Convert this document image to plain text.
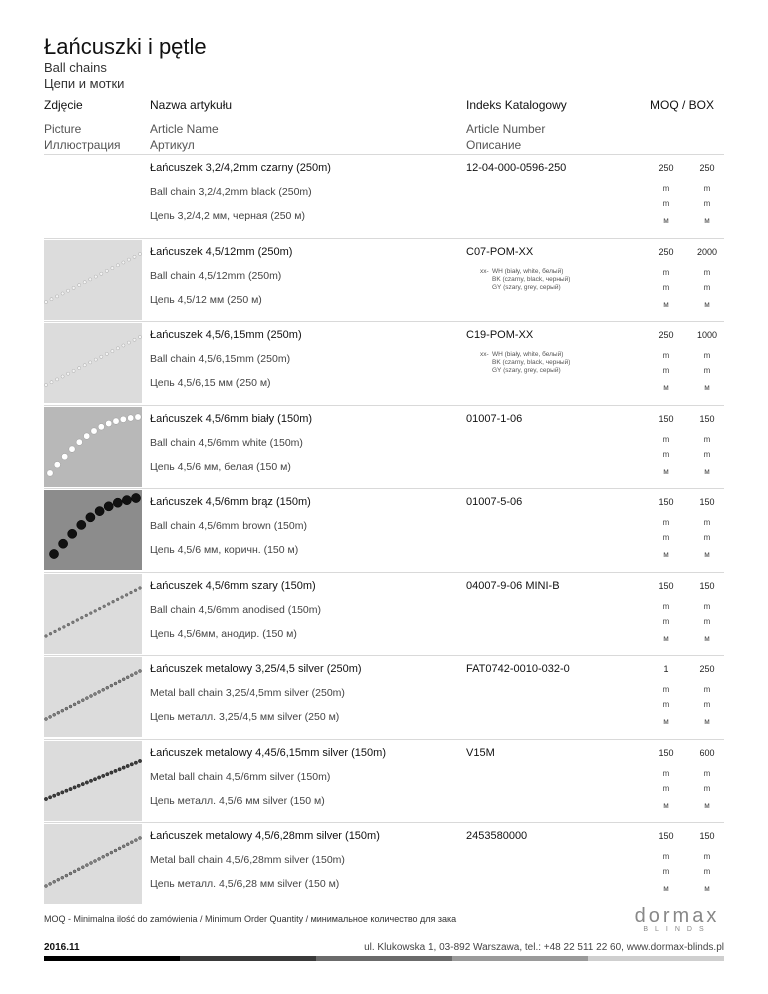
Łańcuszki i pętle
Ball chains
Цепи и мотки
Zdjęcie
Picture
Иллюстрация
Nazwa artykułu
Article Name
Артикул
Indeks Katalogowy
Article Number
Описание
MOQ / BOX
Łańcuszek 3,2/4,2mm czarny (250m)
Ball chain 3,2/4,2mm black (250m)
Цепь 3,2/4,2 мм, черная (250 м)
12-04-000-0596-250	250	250
m	m
m	m
м	м
Łańcuszek 4,5/12mm (250m)
Ball chain 4,5/12mm (250m)
Цепь 4,5/12 мм (250 м)
C07-POM-XX	250	2000
m	m
m	m
м	м
xx- WH (biały, white, белый)
BK (czarny, black, черный)
GY (szary, grey, серый)
Łańcuszek 4,5/6,15mm (250m)
Ball chain 4,5/6,15mm (250m)
Цепь 4,5/6,15 мм (250 м)
C19-POM-XX	250	1000
m	m
m	m
м	м
xx- WH (biały, white, белый)
BK (czarny, black, черный)
GY (szary, grey, серый)
Łańcuszek 4,5/6mm biały (150m)
Ball chain 4,5/6mm white (150m)
Цепь 4,5/6 мм, белая (150 м)
01007-1-06	150	150
m	m
m	m
м	м
Łańcuszek 4,5/6mm brąz (150m)
Ball chain 4,5/6mm brown (150m)
Цепь 4,5/6 мм, коричн. (150 м)
01007-5-06	150	150
m	m
m	m
м	м
Łańcuszek 4,5/6mm szary (150m)
Ball chain 4,5/6mm anodised (150m)
Цепь 4,5/6мм, анодир. (150 м)
04007-9-06 MINI-B	150	150
m	m
m	m
м	м
Łańcuszek metalowy 3,25/4,5 silver (250m)
Metal ball chain 3,25/4,5mm silver (250m)
Цепь металл. 3,25/4,5 мм silver (250 м)
FAT0742-0010-032-0	1	250
m	m
m	m
м	м
Łańcuszek metalowy 4,45/6,15mm silver (150m)
Metal ball chain 4,5/6mm silver (150m)
Цепь металл. 4,5/6 мм silver (150 м)
V15M	150	600
m	m
m	m
м	м
Łańcuszek metalowy 4,5/6,28mm silver (150m)
Metal ball chain 4,5/6,28mm silver (150m)
Цепь металл. 4,5/6,28 мм silver (150 м)
2453580000	150	150
m	m
m	m
м	м
MOQ - Minimalna ilość do zamówienia / Minimum Order Quantity / минимальное количество для зака	dormax
BLINDS
2016.11	ul. Klukowska 1, 03-892 Warszawa, tel.: +48 22 511 22 60, www.dormax-blinds.pl
